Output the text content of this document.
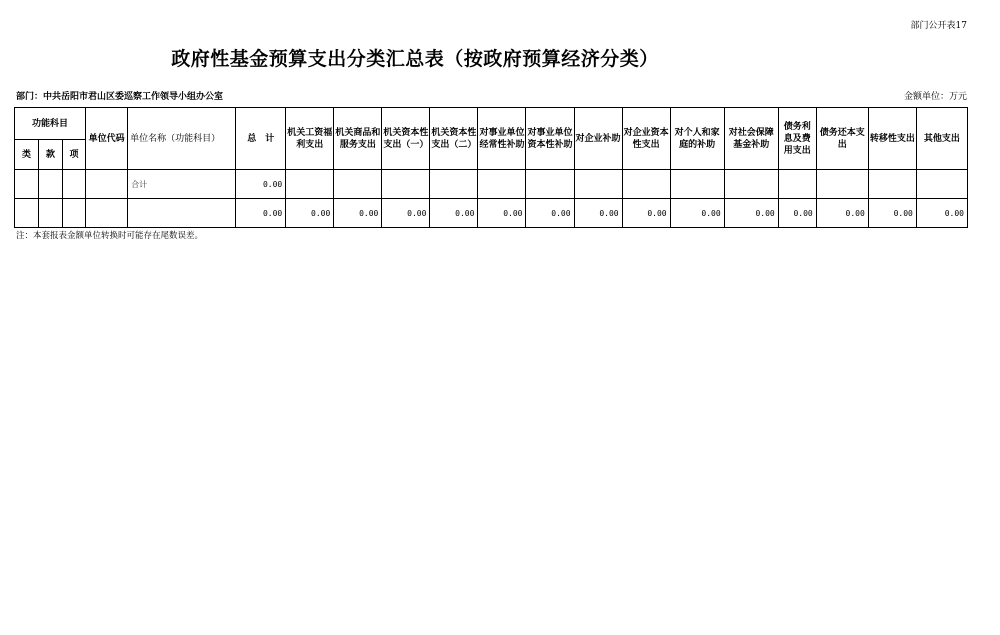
部门公开表17
政府性基金预算支出分类汇总表（按政府预算经济分类）
部门：中共岳阳市君山区委巡察工作领导小组办公室	金额单位：万元
功能科目			单位代码	单位名称（功能科目）	总　计	机关工资福利支出	机关商品和服务支出	机关资本性支出（一）	机关资本性支出（二）	对事业单位经常性补助	对事业单位资本性补助	对企业补助	对企业资本性支出	对个人和家庭的补助	对社会保障基金补助	债务利息及费用支出	债务还本支出	转移性支出	其他支出
类	款	项																	
				合计	0.00														
					0.00	0.00	0.00	0.00	0.00	0.00	0.00	0.00	0.00	0.00	0.00	0.00	0.00	0.00	0.00
注：本套报表金额单位转换时可能存在尾数误差。
